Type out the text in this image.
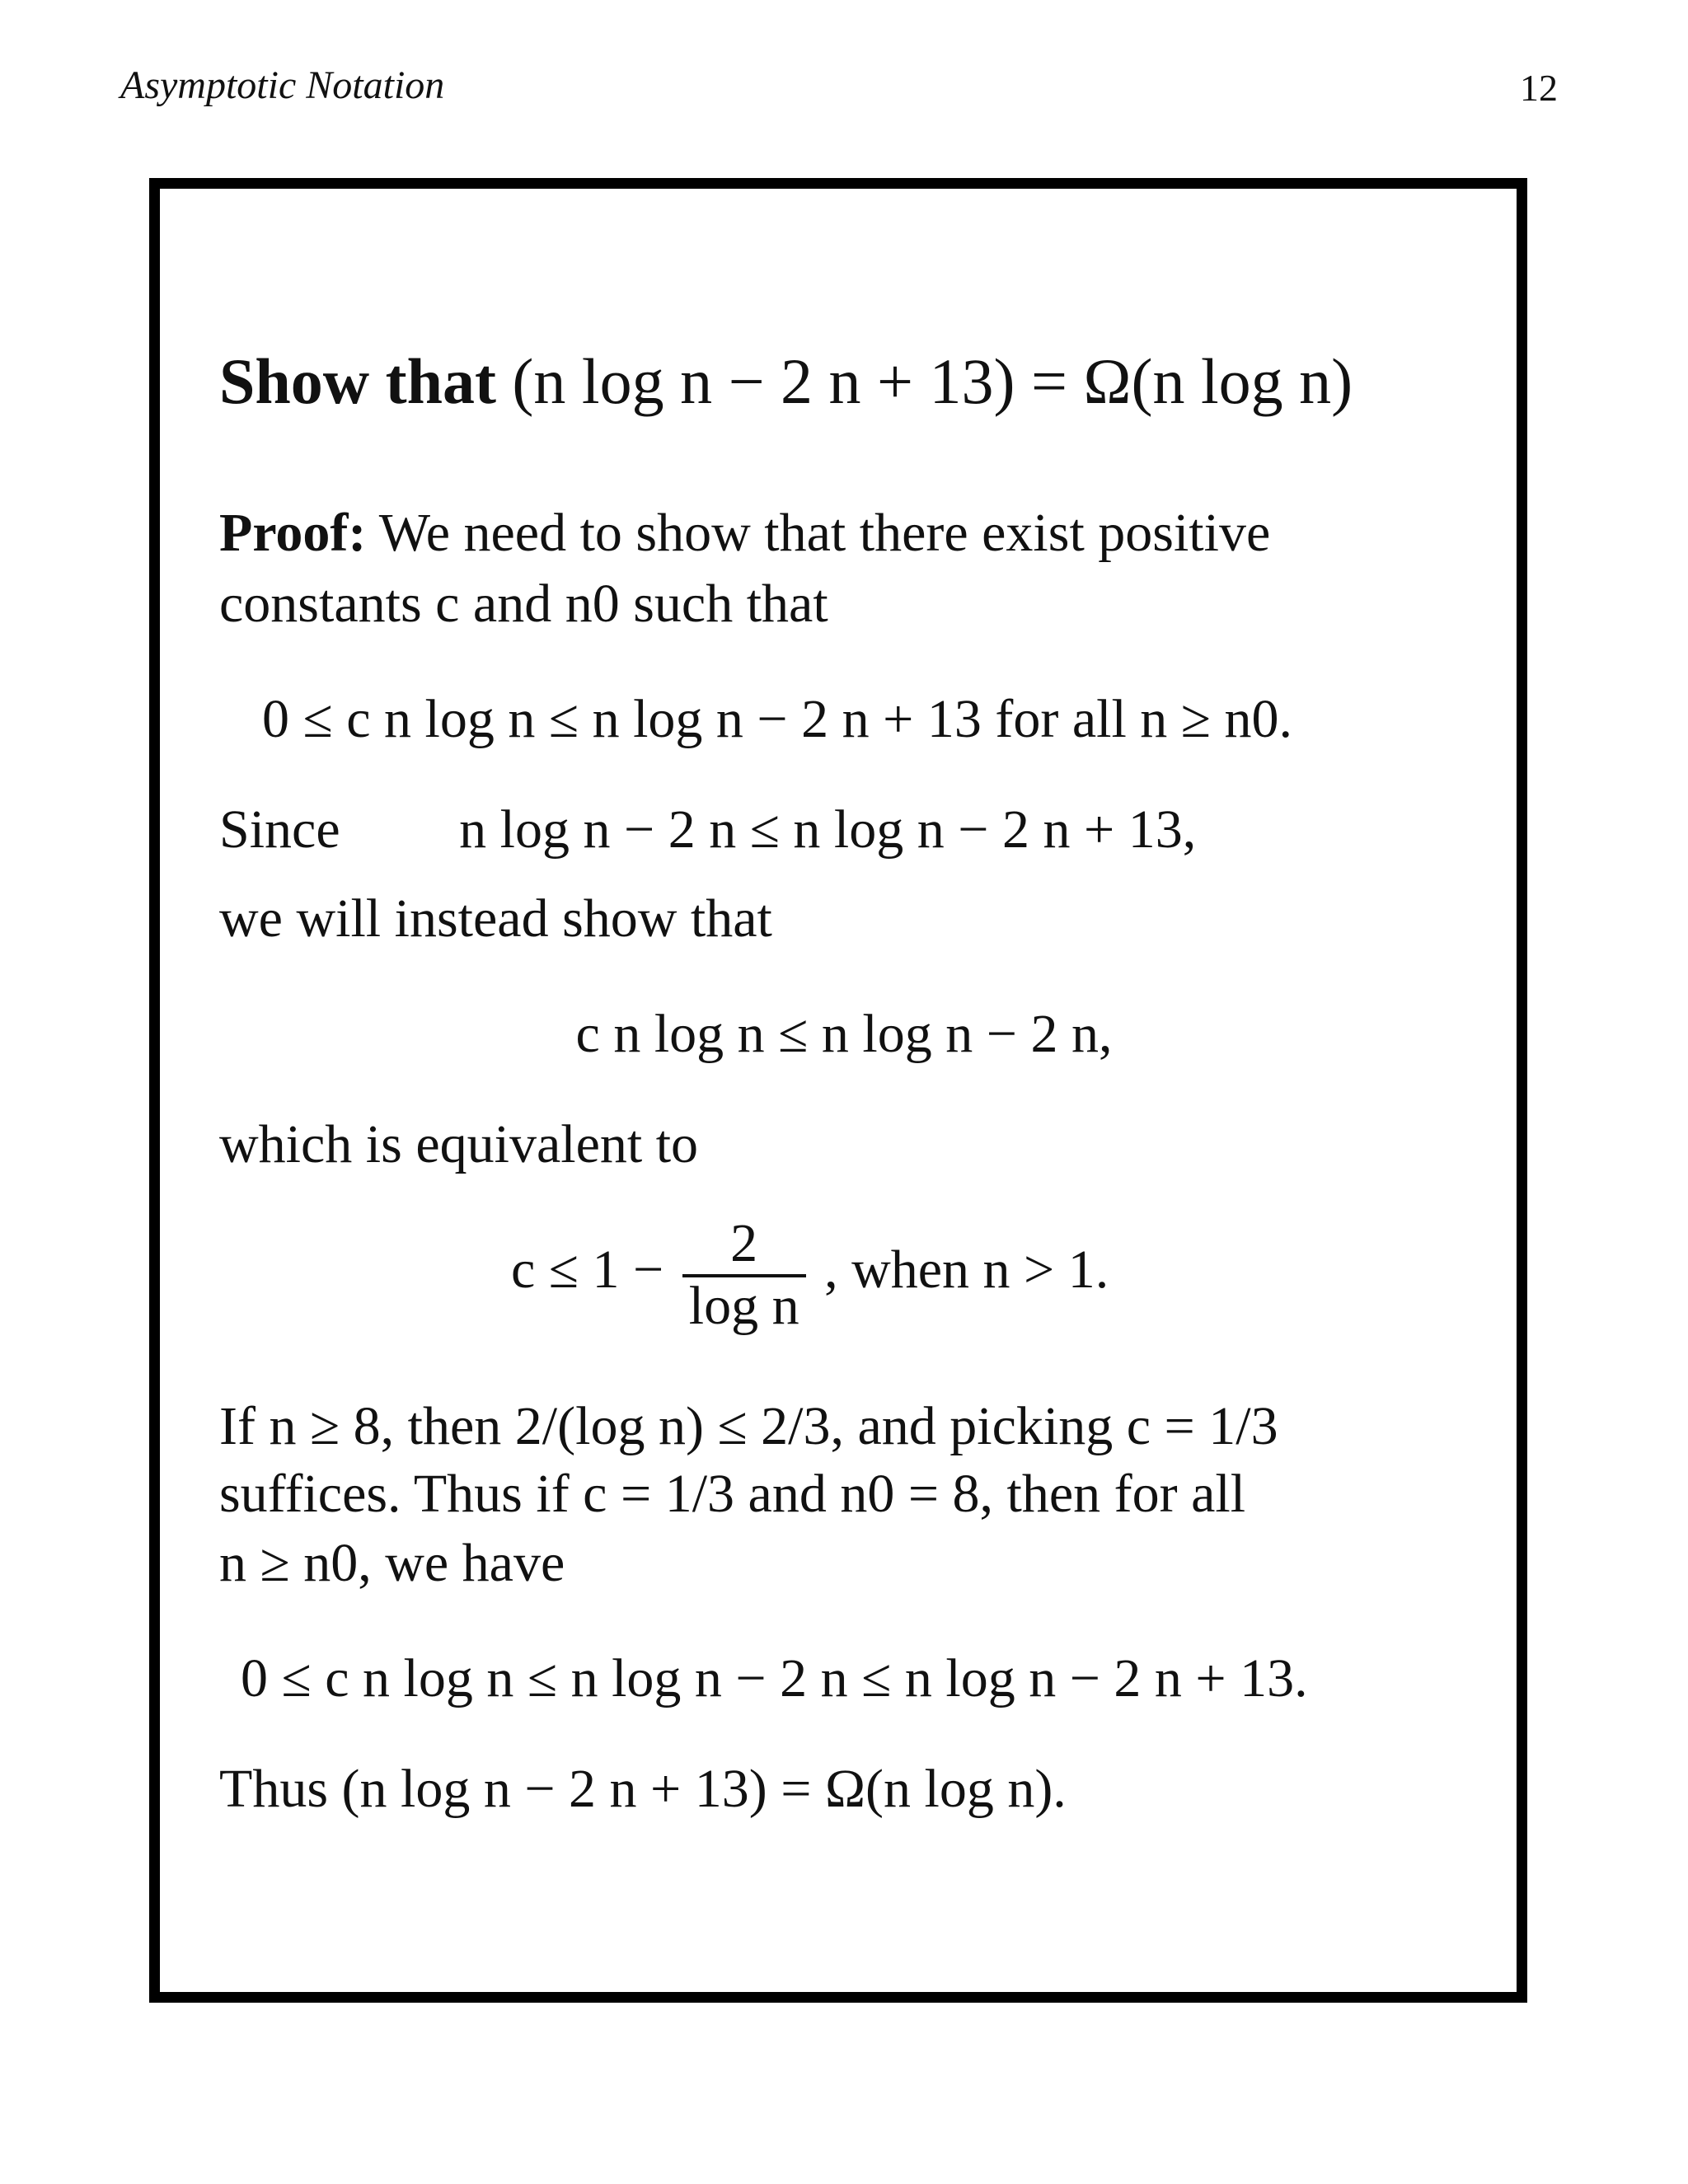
Asymptotic Notation	12
Show that (n log n − 2 n + 13) = Ω(n log n)
Proof: We need to show that there exist positive
constants c and n0 such that
0 ≤ c n log n ≤ n log n − 2 n + 13 for all n ≥ n0.
Since n log n − 2 n ≤ n log n − 2 n + 13,
we will instead show that
c n log n ≤ n log n − 2 n,
which is equivalent to
$c \le 1 - \frac{2}{\text{log n}}$ , when n > 1.
If n ≥ 8, then 2/(log n) ≤ 2/3, and picking c = 1/3
suffices. Thus if c = 1/3 and n0 = 8, then for all
n ≥ n0, we have
0 ≤ c n log n ≤ n log n − 2 n ≤ n log n − 2 n + 13.
Thus (n log n − 2 n + 13) = Ω(n log n).
